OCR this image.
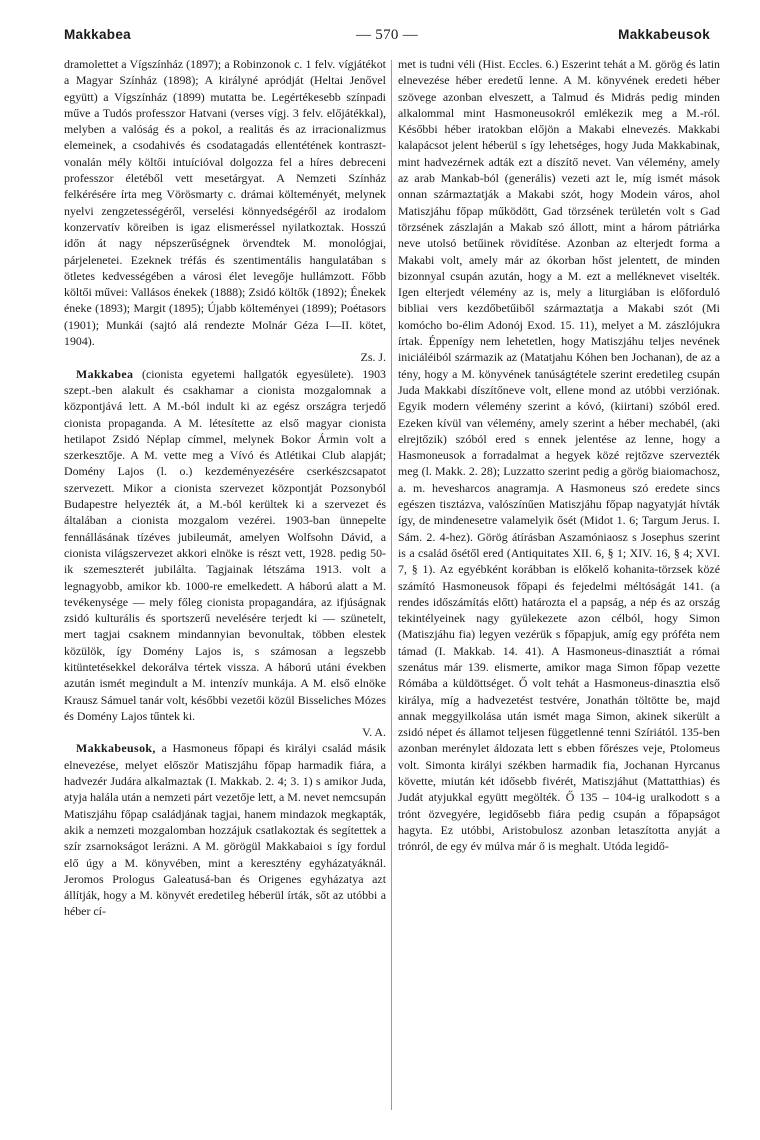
Makkabea	— 570 —	Makkabeusok

dramolettet a Vígszínház (1897); a Robinzonok c. 1 felv. vígjátékot a Magyar Színház (1898); A királyné apródját (Heltai Jenővel együtt) a Vígszínház (1899) mutatta be. Legértékesebb színpadi műve a Tudós professzor Hatvani (verses vígj. 3 felv. előjátékkal), melyben a valóság és a pokol, a realitás és az irracionalizmus elemeinek, a csodahivés és csodatagadás ellentétének kontraszt-vonalán mély költői intuícióval dolgozza fel a híres debreceni professzor életéből vett mesetárgyat. A Nemzeti Színház felkérésére írta meg Vörösmarty c. drámai költeményét, melynek nyelvi zengzetességéről, verselési könnyedségéről az irodalom konzervatív köreiben is igaz elismeréssel nyilatkoztak. Hosszú időn át nagy népszerűségnek örvendtek M. monológjai, párjelenetei. Ezeknek tréfás és szentimentális hangulatában s ötletes kedvességében a városi élet levegője hullámzott. Főbb költői művei: Vallásos énekek (1888); Zsidó költők (1892); Énekek éneke (1893); Margit (1895); Újabb költeményei (1899); Poétasors (1901); Munkái (sajtó alá rendezte Molnár Géza I—II. kötet, 1904).

Zs. J.

Makkabea (cionista egyetemi hallgatók egyesülete). 1903 szept.-ben alakult és csakhamar a cionista mozgalomnak a központjává lett. A M.-ból indult ki az egész országra terjedő cionista propaganda. A M. létesítette az első magyar cionista hetilapot Zsidó Néplap címmel, melynek Bokor Ármin volt a szerkesztője. A M. vette meg a Vívó és Atlétikai Club alapját; Domény Lajos (l. o.) kezdeményezésére cserkészcsapatot szervezett. Mikor a cionista szervezet központját Pozsonyból Budapestre helyezték át, a M.-ból kerültek ki a szervezet és általában a cionista mozgalom vezérei. 1903-ban ünnepelte fennállásának tízéves jubileumát, amelyen Wolfsohn Dávid, a cionista világszervezet akkori elnöke is részt vett, 1928. pedig 50-ik szemeszterét jubilálta. Tagjainak létszáma 1913. volt a legnagyobb, amikor kb. 1000-re emelkedett. A háború alatt a M. tevékenysége — mely főleg cionista propagandára, az ifjúságnak zsidó kulturális és sportszerű nevelésére terjedt ki — szünetelt, mert tagjai csaknem mindannyian bevonultak, többen elestek közülök, így Domény Lajos is, s számosan a legszebb kitüntetésekkel dekorálva tértek vissza. A háború utáni években azután ismét megindult a M. intenzív munkája. A M. első elnöke Krausz Sámuel tanár volt, későbbi vezetői közül Bisseliches Mózes és Domény Lajos tűntek ki.

V. A.

Makkabeusok, a Hasmoneus főpapi és királyi család másik elnevezése, melyet először Matiszjáhu főpap harmadik fiára, a hadvezér Judára alkalmaztak (I. Makkab. 2. 4; 3. 1) s amikor Juda, atyja halála után a nemzeti párt vezetője lett, a M. nevet nemcsupán Matiszjáhu főpap családjának tagjai, hanem mindazok megkapták, akik a nemzeti mozgalomban hozzájuk csatlakoztak és segítettek a szír zsarnokságot lerázni. A M. görögül Makkabaioi s így fordul elő úgy a M. könyvében, mint a keresztény egyházatyáknál. Jeromos Prologus Galeatusá-ban és Origenes egyházatya azt állítják, hogy a M. könyvét eredetileg héberül írták, sőt az utóbbi a héber cí-

met is tudni véli (Hist. Eccles. 6.) Eszerint tehát a M. görög és latin elnevezése héber eredetű lenne. A M. könyvének eredeti héber szövege azonban elveszett, a Talmud és Midrás pedig minden alkalommal mint Hasmoneusokról emlékezik meg a M.-ról. Későbbi héber iratokban előjön a Makabi elnevezés. Makkabi kalapácsot jelent héberül s így lehetséges, hogy Juda Makkabinak, mint hadvezérnek adták ezt a díszítő nevet. Van vélemény, amely az arab Mankab-ból (generális) vezeti azt le, míg ismét mások onnan származtatják a Makabi szót, hogy Modein város, ahol Matiszjáhu főpap működött, Gad törzsének területén volt s Gad törzsének zászlaján a Makab szó állott, mint a három pátriárka neve utolsó betűinek rövidítése. Azonban az elterjedt forma a Makabi volt, amely már az ókorban hőst jelentett, de minden bizonnyal csupán azután, hogy a M. ezt a melléknevet viselték. Igen elterjedt vélemény az is, mely a liturgiában is előforduló bibliai vers kezdőbetűiből származtatja a Makabi szót (Mi komócho bo-élim Adonój Exod. 15. 11), melyet a M. zászlójukra írtak. Éppenígy nem lehetetlen, hogy Matiszjáhu teljes nevének iniciáléiból származik az (Matatjahu Kóhen ben Jochanan), de az a tény, hogy a M. könyvének tanúságtétele szerint eredetileg csupán Juda Makkabi díszítőneve volt, ellene mond az utóbbi verziónak. Egyik modern vélemény szerint a kóvó, (kiirtani) szóból ered. Ezeken kívül van vélemény, amely szerint a héber mechabél, (aki elrejtőzik) szóból ered s ennek jelentése az lenne, hogy a Hasmoneusok a forradalmat a hegyek közé rejtőzve szervezték meg (l. Makk. 2. 28); Luzzatto szerint pedig a görög biaiomachosz, a. m. hevesharcos anagramja. A Hasmoneus szó eredete sincs egészen tisztázva, valószínűen Matiszjáhu főpap nagyatyját hívták így, de mindenesetre valamelyik ősét (Midot 1. 6; Targum Jerus. I. Sám. 2. 4-hez). Görög átírásban Aszamóniaosz s Josephus szerint is a család ősétől ered (Antiquitates XII. 6, § 1; XIV. 16, § 4; XVI. 7, § 1). Az egyébként korábban is előkelő kohanita-törzsek közé számító Hasmoneusok főpapi és fejedelmi méltóságát 141. (a rendes időszámítás előtt) határozta el a papság, a nép és az ország tekintélyeinek nagy gyülekezete azon célból, hogy Simon (Matiszjáhu fia) legyen vezérük s főpapjuk, amíg egy próféta nem támad (I. Makkab. 14. 41). A Hasmoneus-dinasztiát a római szenátus már 139. elismerte, amikor maga Simon főpap vezette Rómába a küldöttséget. Ő volt tehát a Hasmoneus-dinasztia első királya, míg a hadvezetést testvére, Jonathán töltötte be, majd annak meggyilkolása után ismét maga Simon, akinek sikerült a zsidó népet és államot teljesen függetlenné tenni Szíriától. 135-ben azonban merénylet áldozata lett s ebben főrészes veje, Ptolomeus volt. Simonta királyi székben harmadik fia, Jochanan Hyrcanus követte, miután két idősebb fivérét, Matiszjáhut (Mattatthias) és Judát atyjukkal együtt megölték. Ő 135 – 104-ig uralkodott s a trónt özvegyére, legidősebb fiára pedig csupán a főpapságot hagyta. Ez utóbbi, Aristobulosz azonban letaszította anyját a trónról, de egy év múlva már ő is meghalt. Utóda legidő-
